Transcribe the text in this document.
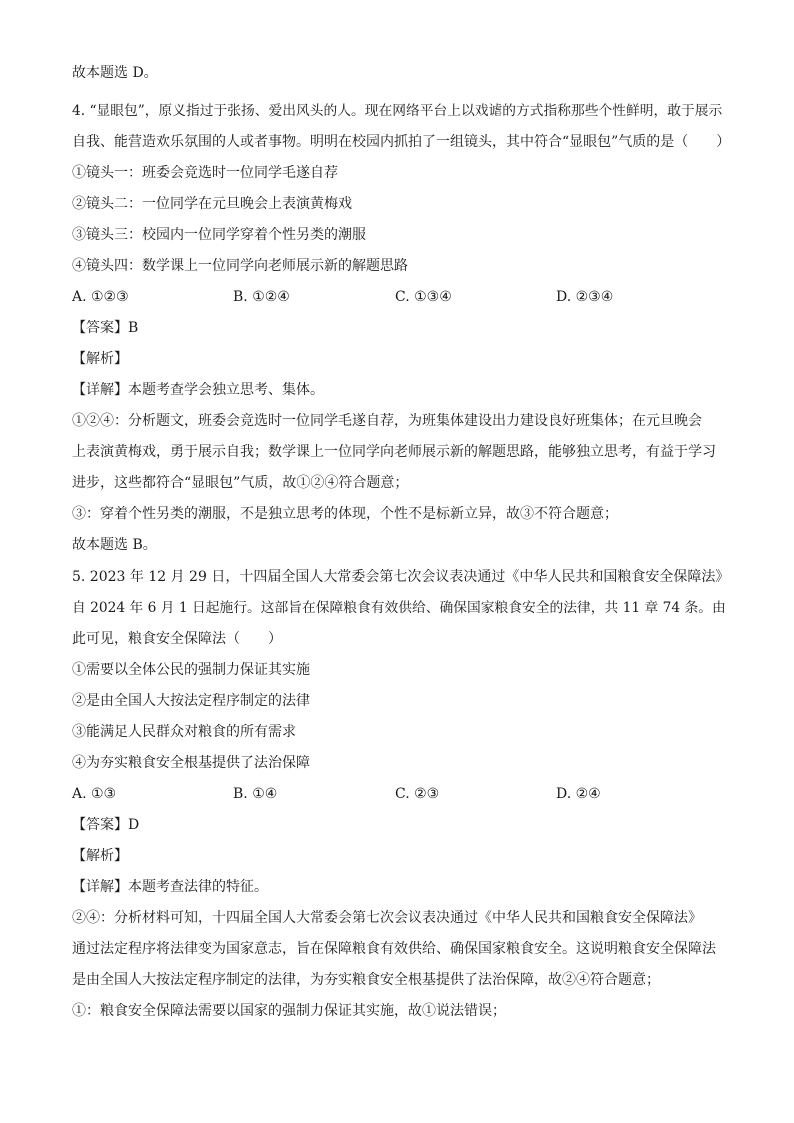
故本题选 D。
4. “显眼包”，原义指过于张扬、爱出风头的人。现在网络平台上以戏谑的方式指称那些个性鲜明，敢于展示
自我、能营造欢乐氛围的人或者事物。明明在校园内抓拍了一组镜头，其中符合“显眼包”气质的是（　　）
①镜头一：班委会竞选时一位同学毛遂自荐
②镜头二：一位同学在元旦晚会上表演黄梅戏
③镜头三：校园内一位同学穿着个性另类的潮服
④镜头四：数学课上一位同学向老师展示新的解题思路
A. ①②③	B. ①②④	C. ①③④	D. ②③④
【答案】B
【解析】
【详解】本题考查学会独立思考、集体。
①②④：分析题文，班委会竞选时一位同学毛遂自荐，为班集体建设出力建设良好班集体；在元旦晚会
上表演黄梅戏，勇于展示自我；数学课上一位同学向老师展示新的解题思路，能够独立思考，有益于学习
进步，这些都符合“显眼包”气质，故①②④符合题意；
③：穿着个性另类的潮服，不是独立思考的体现，个性不是标新立异，故③不符合题意；
故本题选 B。
5. 2023 年 12 月 29 日，十四届全国人大常委会第七次会议表决通过《中华人民共和国粮食安全保障法》
自 2024 年 6 月 1 日起施行。这部旨在保障粮食有效供给、确保国家粮食安全的法律，共 11 章 74 条。由
此可见，粮食安全保障法（　　）
①需要以全体公民的强制力保证其实施
②是由全国人大按法定程序制定的法律
③能满足人民群众对粮食的所有需求
④为夯实粮食安全根基提供了法治保障
A. ①③	B. ①④	C. ②③	D. ②④
【答案】D
【解析】
【详解】本题考查法律的特征。
②④：分析材料可知，十四届全国人大常委会第七次会议表决通过《中华人民共和国粮食安全保障法》
通过法定程序将法律变为国家意志，旨在保障粮食有效供给、确保国家粮食安全。这说明粮食安全保障法
是由全国人大按法定程序制定的法律，为夯实粮食安全根基提供了法治保障，故②④符合题意；
①：粮食安全保障法需要以国家的强制力保证其实施，故①说法错误；
